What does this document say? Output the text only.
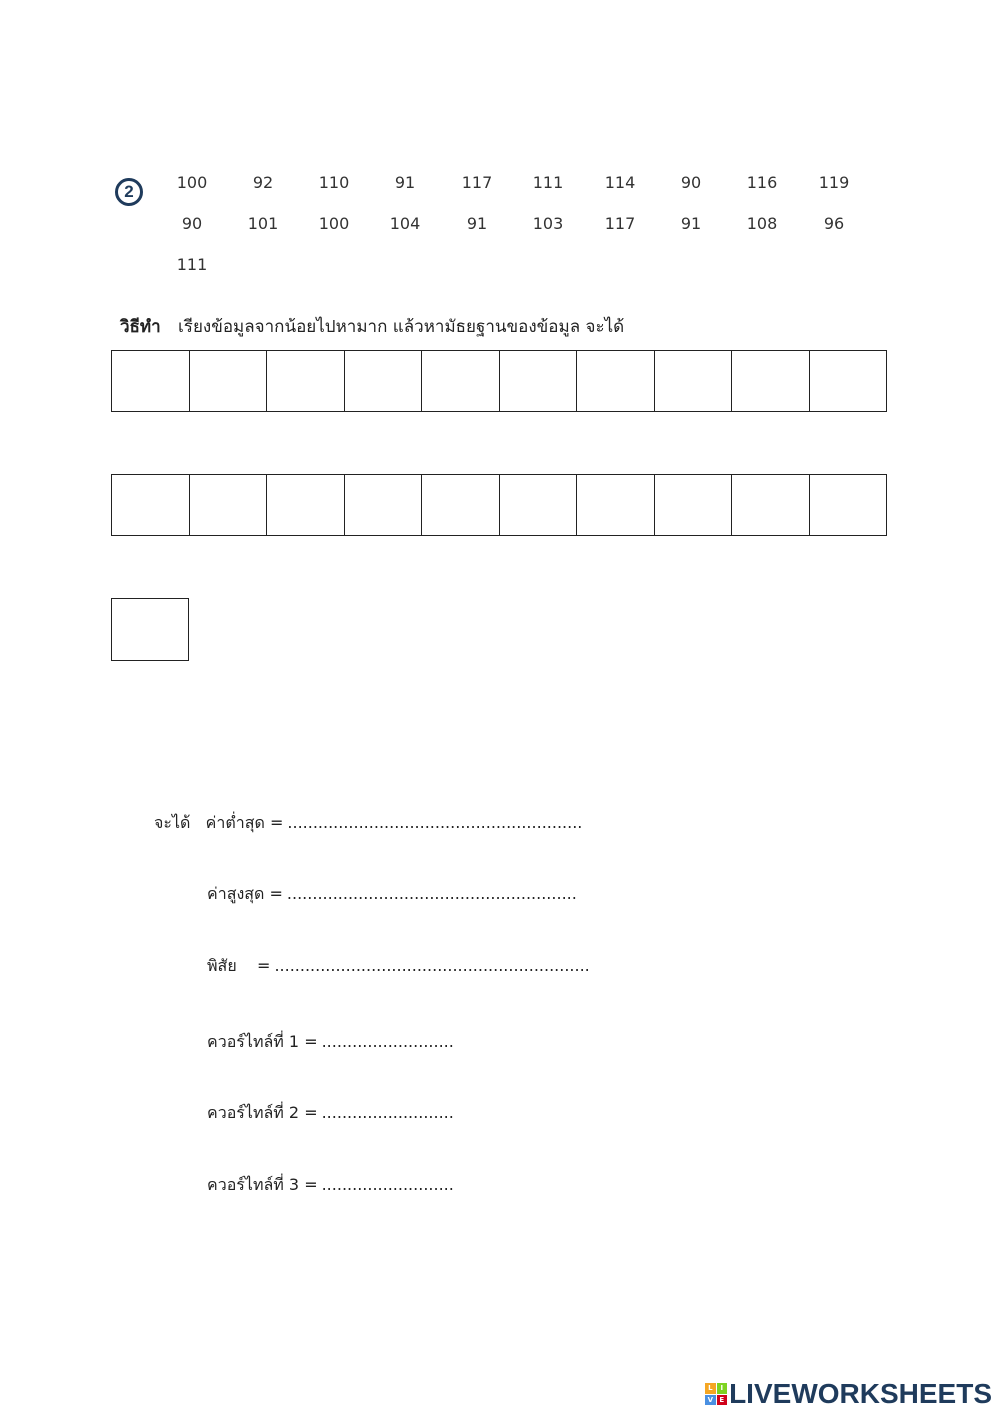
2	100	92	110	91	117	111	114	90	116	119
90	101	100	104	91	103	117	91	108	96
111
วิธีทำ เรียงข้อมูลจากน้อยไปหามาก แล้วหามัธยฐานของข้อมูล จะได้
จะได้ ค่าต่ำสุด = ..........................................................
ค่าสูงสุด = .........................................................
พิสัย    = ..............................................................
ควอร์ไทล์ที่ 1 = ..........................
ควอร์ไทล์ที่ 2 = ..........................
ควอร์ไทล์ที่ 3 = ..........................
L	I
V E LIVEWORKSHEETS
